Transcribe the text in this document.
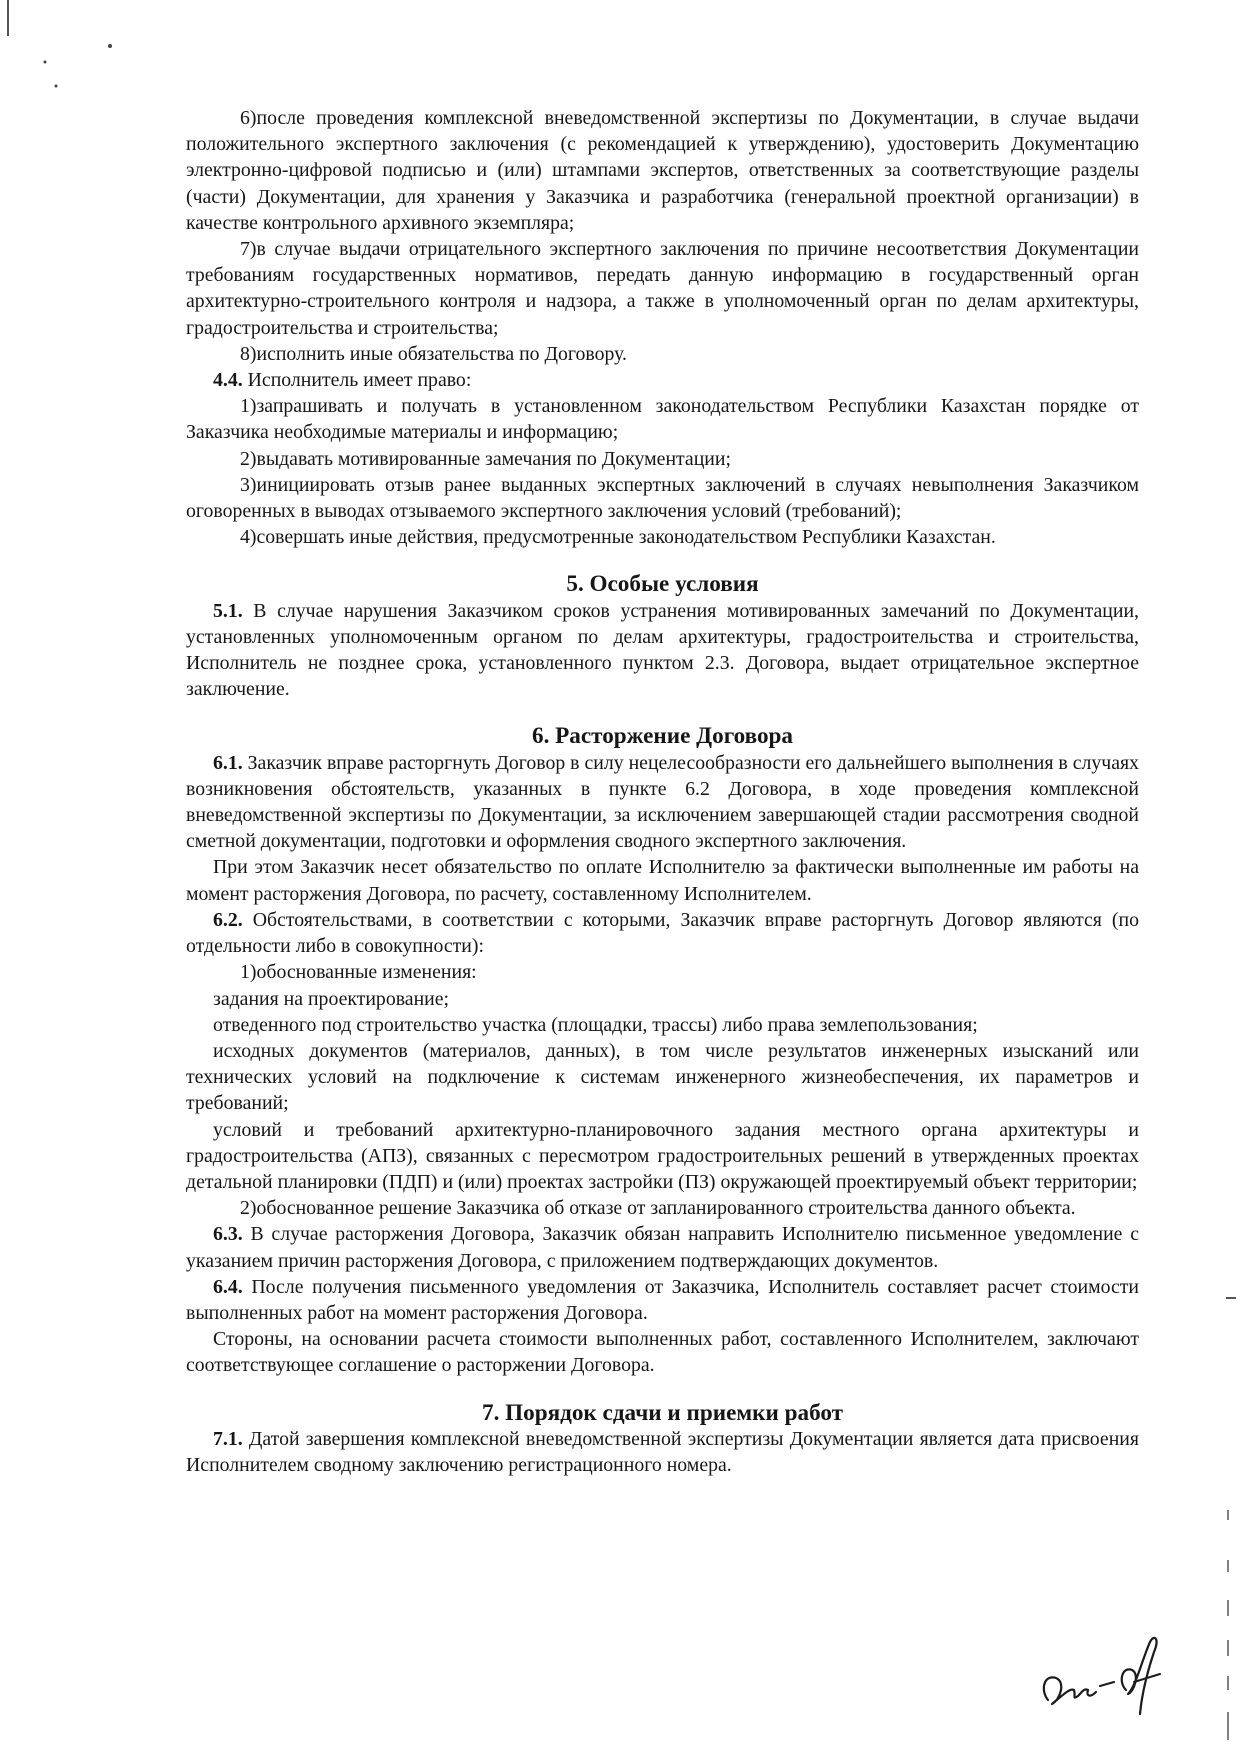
6)после проведения комплексной вневедомственной экспертизы по Документации, в случае выдачи положительного экспертного заключения (с рекомендацией к утверждению), удостоверить Документацию электронно-цифровой подписью и (или) штампами экспертов, ответственных за соответствующие разделы (части) Документации, для хранения у Заказчика и разработчика (генеральной проектной организации) в качестве контрольного архивного экземпляра;

7)в случае выдачи отрицательного экспертного заключения по причине несоответствия Документации требованиям государственных нормативов, передать данную информацию в государственный орган архитектурно-строительного контроля и надзора, а также в уполномоченный орган по делам архитектуры, градостроительства и строительства;

8)исполнить иные обязательства по Договору.

4.4. Исполнитель имеет право:

1)запрашивать и получать в установленном законодательством Республики Казахстан порядке от Заказчика необходимые материалы и информацию;

2)выдавать мотивированные замечания по Документации;

3)инициировать отзыв ранее выданных экспертных заключений в случаях невыполнения Заказчиком оговоренных в выводах отзываемого экспертного заключения условий (требований);

4)совершать иные действия, предусмотренные законодательством Республики Казахстан.

5. Особые условия

5.1. В случае нарушения Заказчиком сроков устранения мотивированных замечаний по Документации, установленных уполномоченным органом по делам архитектуры, градостроительства и строительства, Исполнитель не позднее срока, установленного пунктом 2.3. Договора, выдает отрицательное экспертное заключение.

6. Расторжение Договора

6.1. Заказчик вправе расторгнуть Договор в силу нецелесообразности его дальнейшего выполнения в случаях возникновения обстоятельств, указанных в пункте 6.2 Договора, в ходе проведения комплексной вневедомственной экспертизы по Документации, за исключением завершающей стадии рассмотрения сводной сметной документации, подготовки и оформления сводного экспертного заключения.

При этом Заказчик несет обязательство по оплате Исполнителю за фактически выполненные им работы на момент расторжения Договора, по расчету, составленному Исполнителем.

6.2. Обстоятельствами, в соответствии с которыми, Заказчик вправе расторгнуть Договор являются (по отдельности либо в совокупности):

1)обоснованные изменения:

задания на проектирование;

отведенного под строительство участка (площадки, трассы) либо права землепользования;

исходных документов (материалов, данных), в том числе результатов инженерных изысканий или технических условий на подключение к системам инженерного жизнеобеспечения, их параметров и требований;

условий и требований архитектурно-планировочного задания местного органа архитектуры и градостроительства (АПЗ), связанных с пересмотром градостроительных решений в утвержденных проектах детальной планировки (ПДП) и (или) проектах застройки (ПЗ) окружающей проектируемый объект территории;

2)обоснованное решение Заказчика об отказе от запланированного строительства данного объекта.

6.3. В случае расторжения Договора, Заказчик обязан направить Исполнителю письменное уведомление с указанием причин расторжения Договора, с приложением подтверждающих документов.

6.4. После получения письменного уведомления от Заказчика, Исполнитель составляет расчет стоимости выполненных работ на момент расторжения Договора.

Стороны, на основании расчета стоимости выполненных работ, составленного Исполнителем, заключают соответствующее соглашение о расторжении Договора.

7. Порядок сдачи и приемки работ

7.1. Датой завершения комплексной вневедомственной экспертизы Документации является дата присвоения Исполнителем сводному заключению регистрационного номера.
